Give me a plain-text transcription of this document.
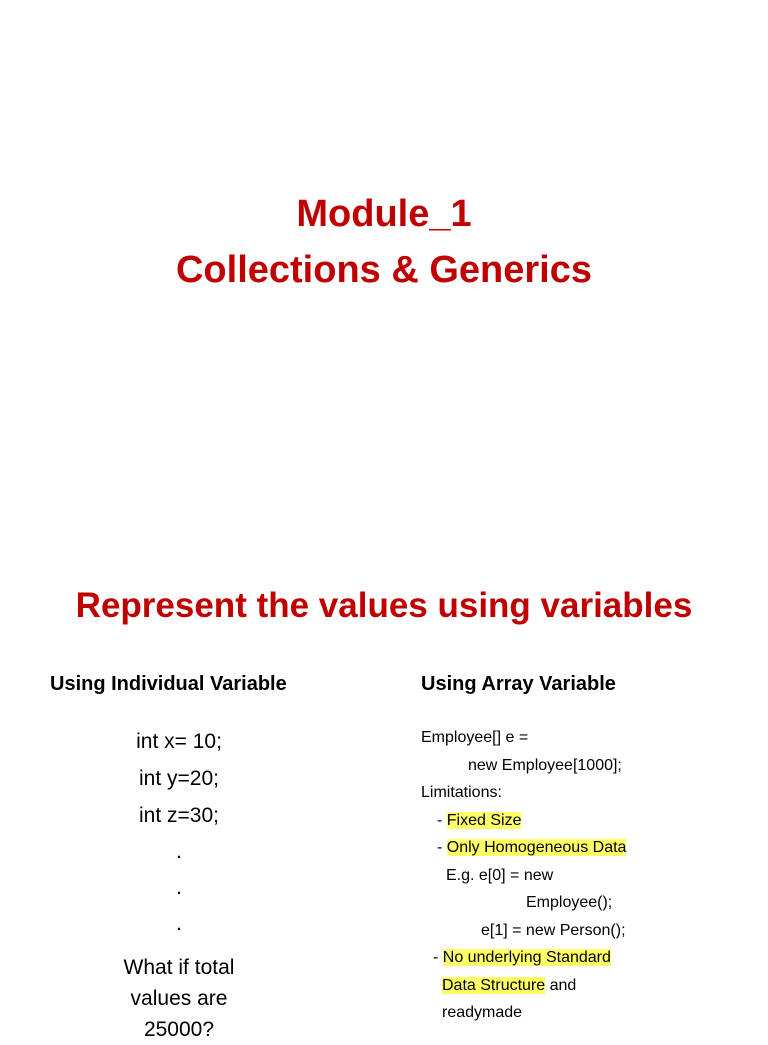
Module_1
Collections & Generics
Represent the values using variables
Using Individual Variable	Using Array Variable
int x= 10;
int y=20;
int z=30;
.
.
.
What if total
values are
25000?
Employee[] e =
new Employee[1000];
Limitations:
- Fixed Size
- Only Homogeneous Data
E.g. e[0] = new
Employee();
e[1] = new Person();
- No underlying Standard
Data Structure and
readymade
